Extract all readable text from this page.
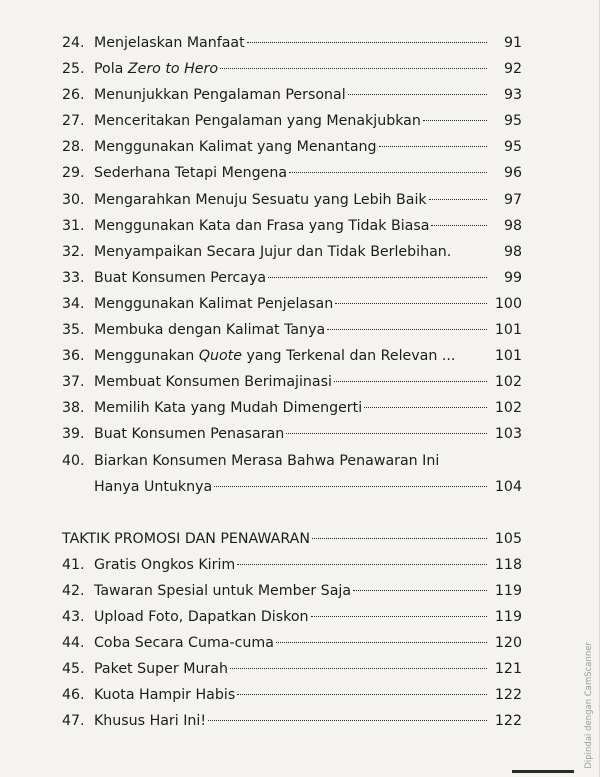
24. Menjelaskan Manfaat	91
25. Pola Zero to Hero	92
26. Menunjukkan Pengalaman Personal	93
27. Menceritakan Pengalaman yang Menakjubkan	95
28. Menggunakan Kalimat yang Menantang	95
29. Sederhana Tetapi Mengena	96
30. Mengarahkan Menuju Sesuatu yang Lebih Baik	97
31. Menggunakan Kata dan Frasa yang Tidak Biasa	98
32. Menyampaikan Secara Jujur dan Tidak Berlebihan.	98
33. Buat Konsumen Percaya	99
34. Menggunakan Kalimat Penjelasan	100
35. Membuka dengan Kalimat Tanya	101
36. Menggunakan Quote yang Terkenal dan Relevan ...	101
37. Membuat Konsumen Berimajinasi	102
38. Memilih Kata yang Mudah Dimengerti	102
39. Buat Konsumen Penasaran	103
40. Biarkan Konsumen Merasa Bahwa Penawaran Ini
Hanya Untuknya	104
TAKTIK PROMOSI DAN PENAWARAN	105
41. Gratis Ongkos Kirim	118
42. Tawaran Spesial untuk Member Saja	119
43. Upload Foto, Dapatkan Diskon	119
44. Coba Secara Cuma-cuma	120
45. Paket Super Murah	121
46. Kuota Hampir Habis	122
47. Khusus Hari Ini!	122	Dipindai dengan CamScanner
